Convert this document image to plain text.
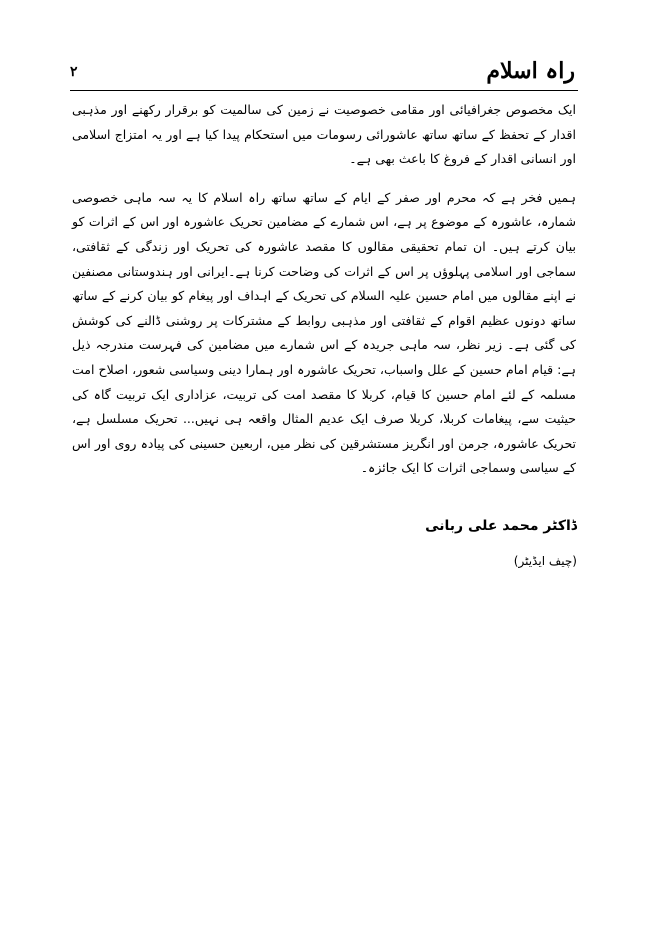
راہ اسلام
۲

ایک مخصوص جغرافیائی اور مقامی خصوصیت نے زمین کی سالمیت کو برقرار رکھنے اور مذہبی اقدار کے تحفظ کے ساتھ ساتھ عاشورائی رسومات میں استحکام پیدا کیا ہے اور یہ امتزاج اسلامی اور انسانی اقدار کے فروغ کا باعث بھی ہے۔

ہمیں فخر ہے کہ محرم اور صفر کے ایام کے ساتھ ساتھ راہ اسلام کا یہ سہ ماہی خصوصی شمارہ، عاشورہ کے موضوع پر ہے، اس شمارے کے مضامین تحریک عاشورہ اور اس کے اثرات کو بیان کرتے ہیں۔ ان تمام تحقیقی مقالوں کا مقصد عاشورہ کی تحریک اور زندگی کے ثقافتی، سماجی اور اسلامی پہلوؤں پر اس کے اثرات کی وضاحت کرنا ہے۔ایرانی اور ہندوستانی مصنفین نے اپنے مقالوں میں امام حسین علیہ السلام کی تحریک کے اہداف اور پیغام کو بیان کرنے کے ساتھ ساتھ دونوں عظیم اقوام کے ثقافتی اور مذہبی روابط کے مشترکات پر روشنی ڈالنے کی کوشش کی گئی ہے۔ زیر نظر، سہ ماہی جریدہ کے اس شمارے میں مضامین کی فہرست مندرجہ ذیل ہے: قیام امام حسین کے علل واسباب، تحریک عاشورہ اور ہمارا دینی وسیاسی شعور، اصلاح امت مسلمہ کے لئے امام حسین کا قیام، کربلا کا مقصد امت کی تربیت، عزاداری ایک تربیت گاہ کی حیثیت سے، پیغامات کربلا، کربلا صرف ایک عدیم المثال واقعہ ہی نہیں... تحریک مسلسل ہے، تحریک عاشورہ، جرمن اور انگریز مستشرقین کی نظر میں، اربعین حسینی کی پیادہ روی اور اس کے سیاسی وسماجی اثرات کا ایک جائزہ۔

ڈاکٹر محمد علی ربانی
(چیف ایڈیٹر)
